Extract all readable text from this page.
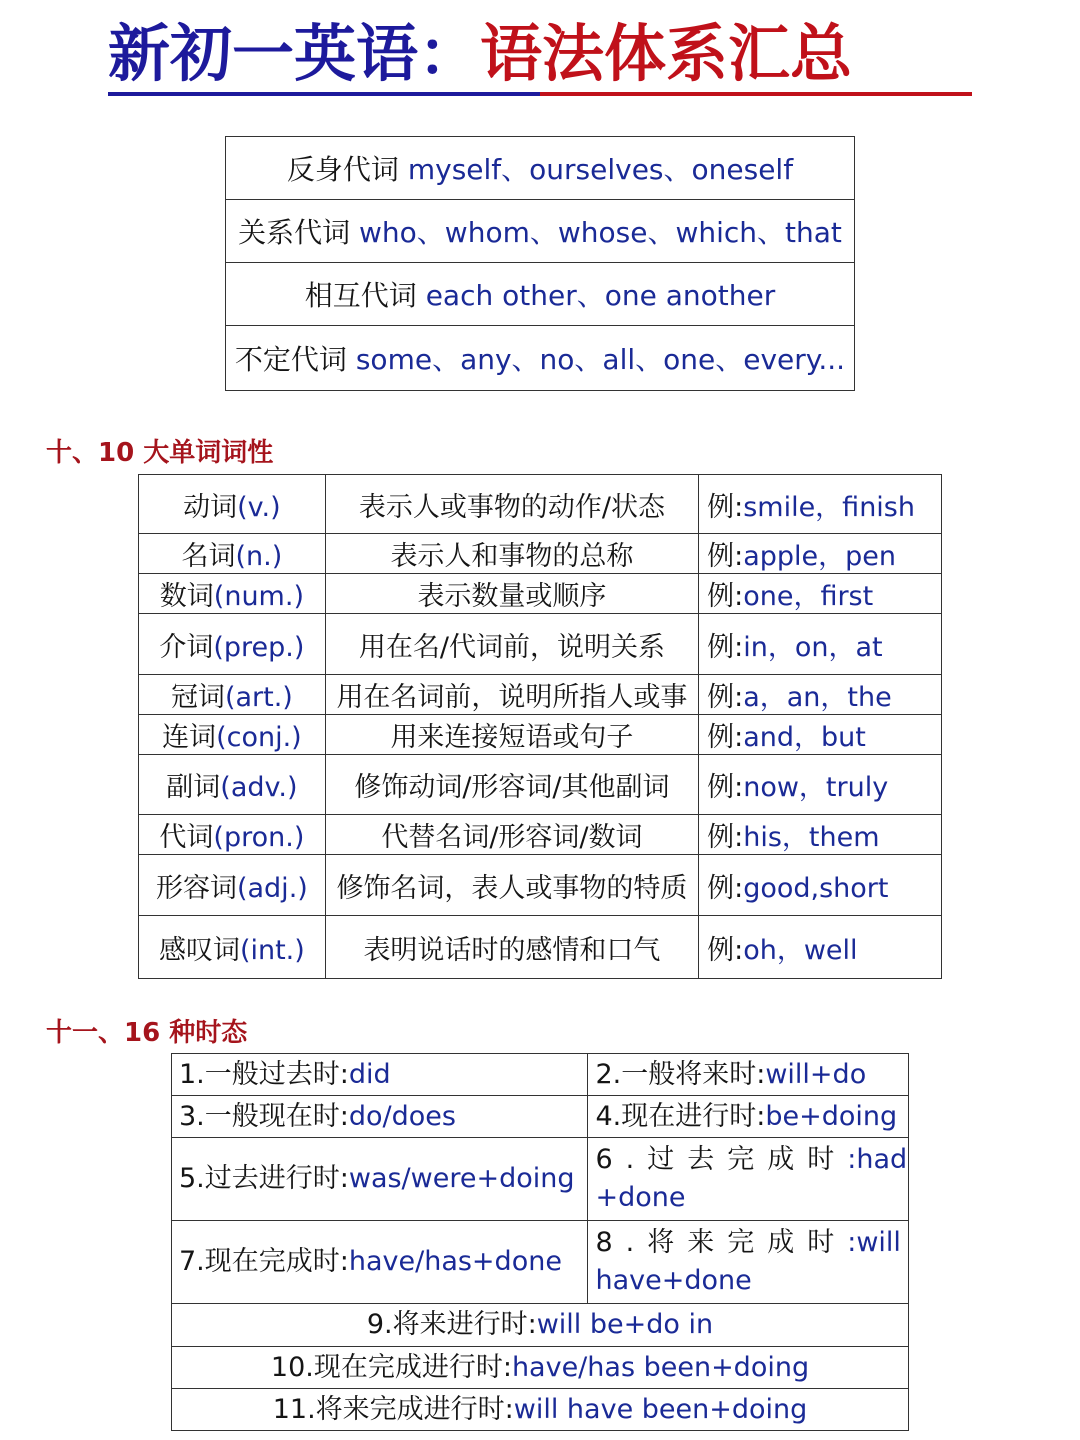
新初一英语：语法体系汇总
反身代词 myself、ourselves、oneself
关系代词 who、whom、whose、which、that
相互代词 each other、one another
不定代词 some、any、no、all、one、every...
十、10 大单词词性
动词(v.)	表示人或事物的动作/状态	例:smile，finish
名词(n.)	表示人和事物的总称	例:apple，pen
数词(num.)	表示数量或顺序	例:one，first
介词(prep.)	用在名/代词前，说明关系	例:in，on，at
冠词(art.)	用在名词前，说明所指人或事	例:a，an，the
连词(conj.)	用来连接短语或句子	例:and，but
副词(adv.)	修饰动词/形容词/其他副词	例:now，truly
代词(pron.)	代替名词/形容词/数词	例:his，them
形容词(adj.)	修饰名词，表人或事物的特质	例:good,short
感叹词(int.)	表明说话时的感情和口气	例:oh，well
十一、16 种时态
1.一般过去时:did	2.一般将来时:will+do
3.一般现在时:do/does	4.现在进行时:be+doing
5.过去进行时:was/were+doing	6.过去完成时:had
+done
7.现在完成时:have/has+done	8.将来完成时:will
have+done
9.将来进行时:will be+do in	
10.现在完成进行时:have/has been+doing	
11.将来完成进行时:will have been+doing	
